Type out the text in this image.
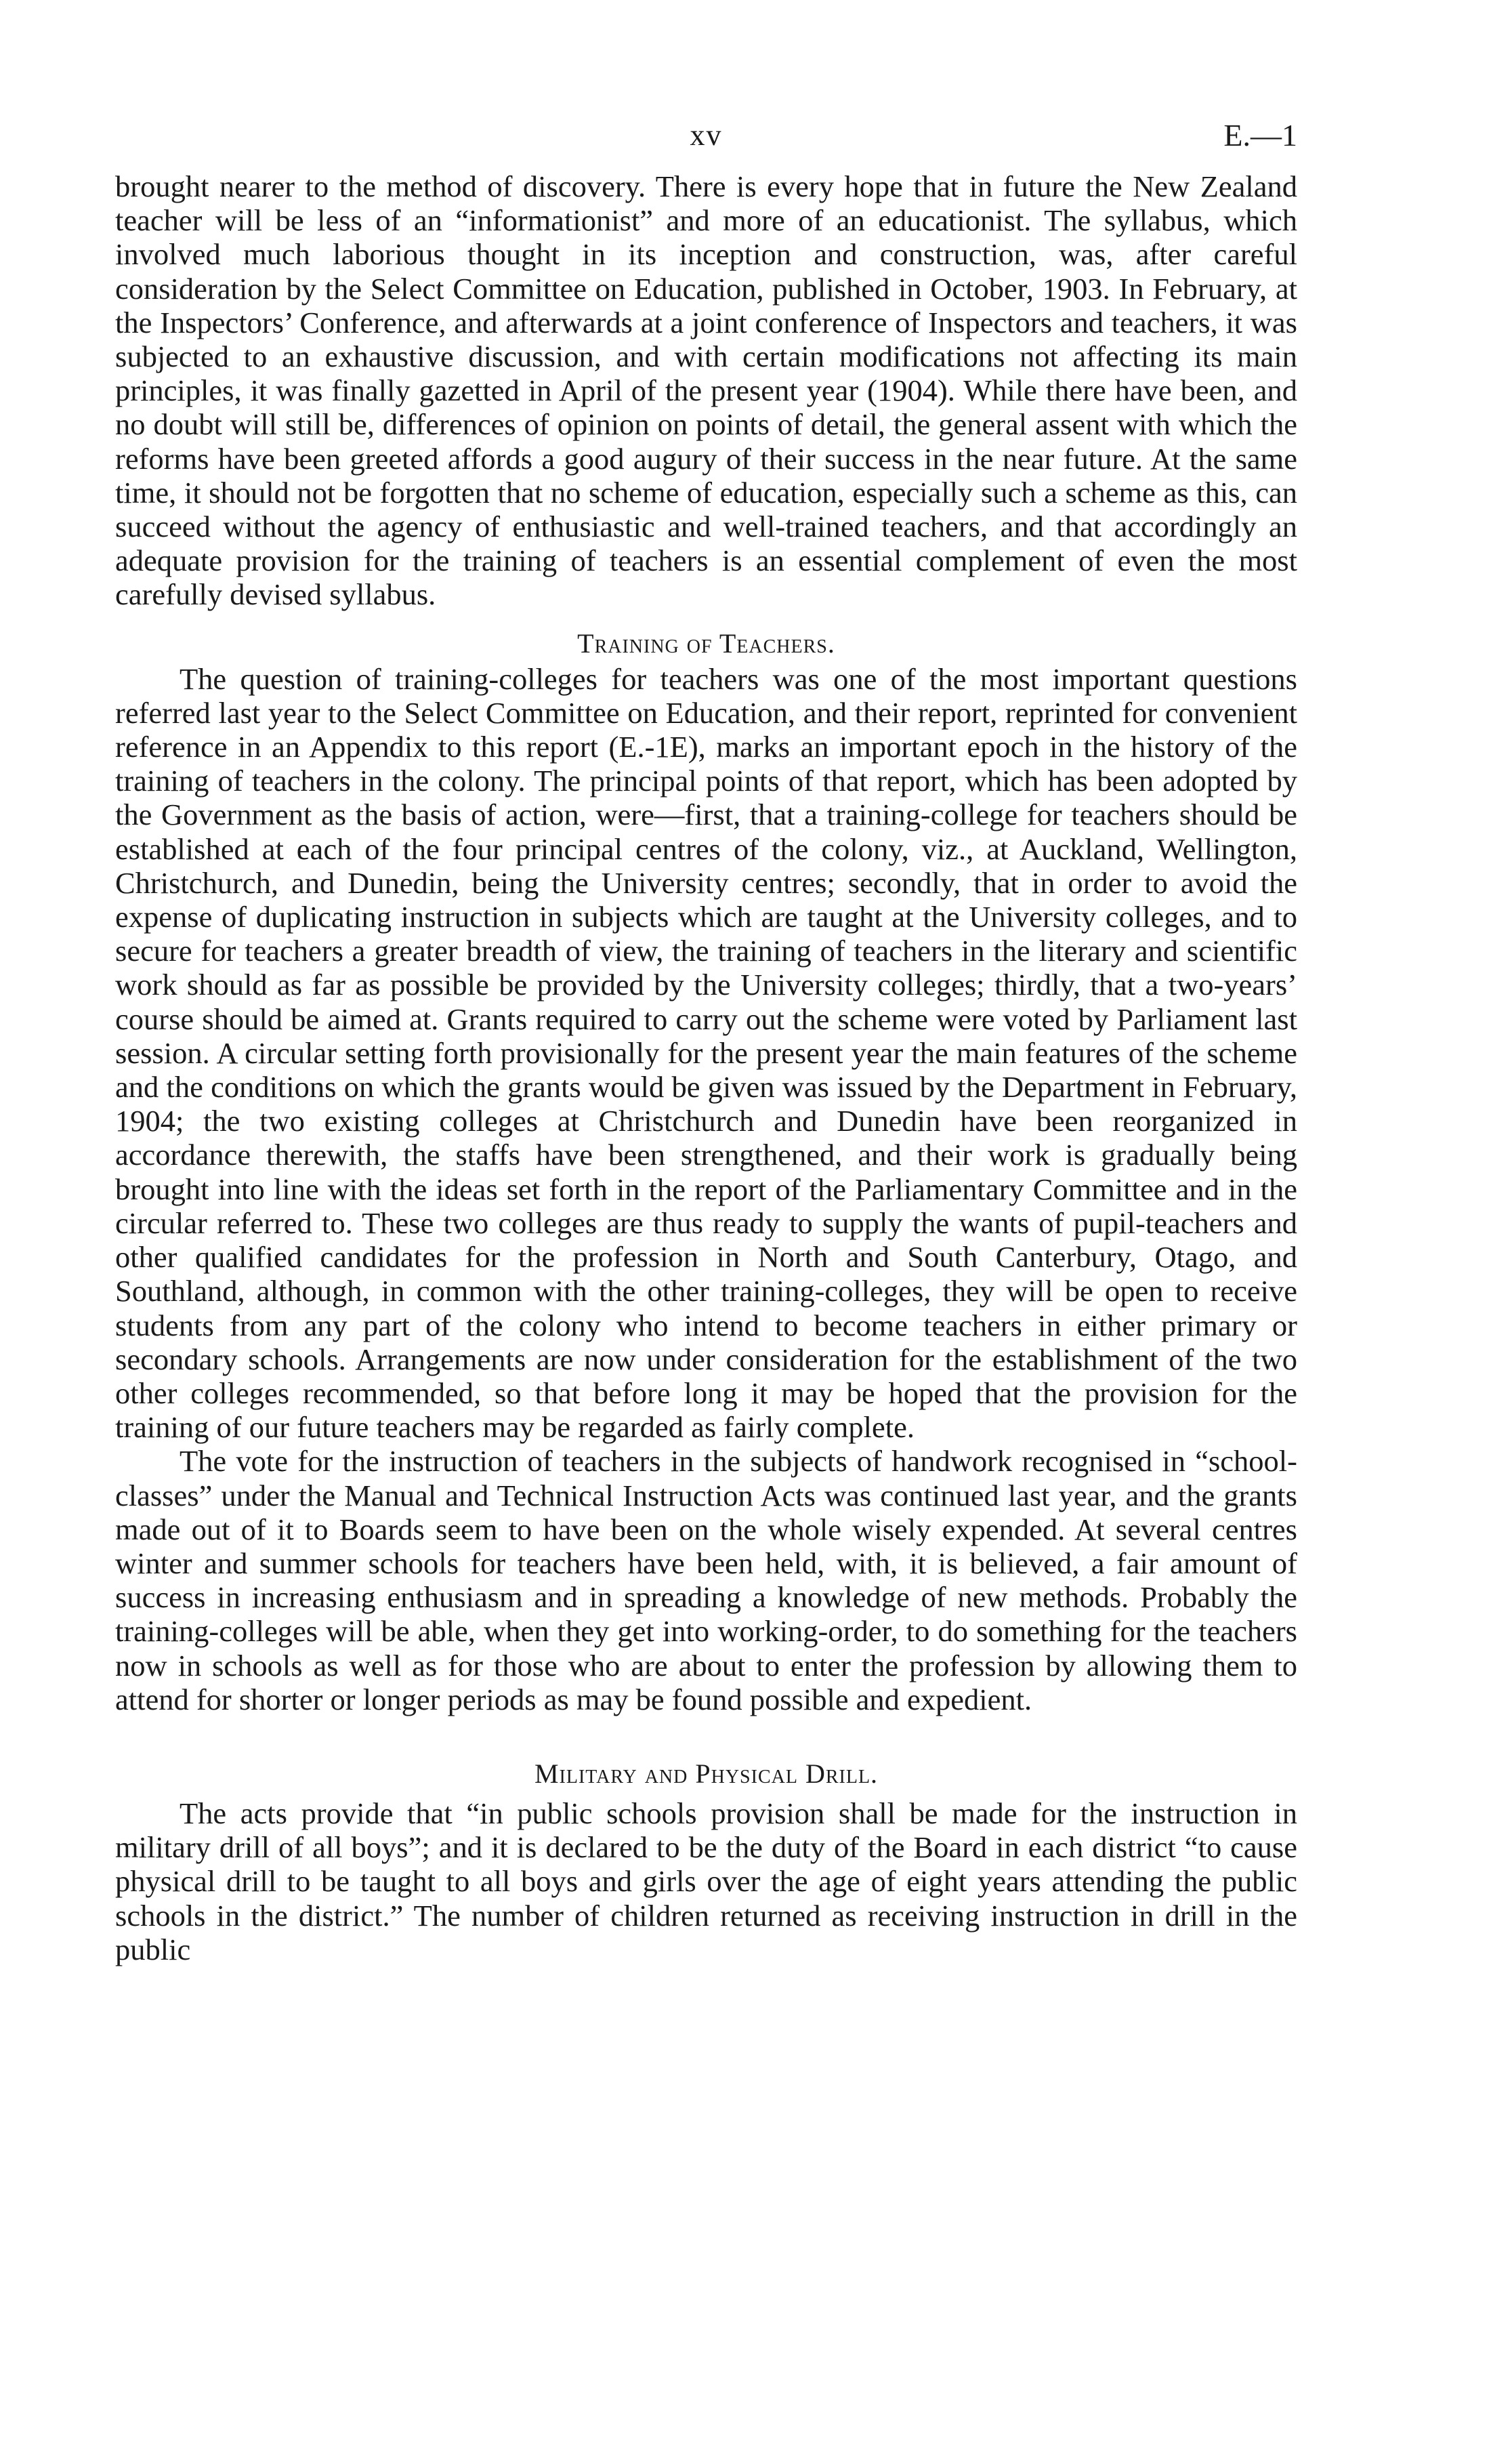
xv	E.—1

brought nearer to the method of discovery. There is every hope that in future the New Zealand teacher will be less of an “informationist” and more of an educationist. The syllabus, which involved much laborious thought in its inception and construction, was, after careful consideration by the Select Committee on Education, published in October, 1903. In February, at the Inspectors’ Conference, and afterwards at a joint conference of Inspectors and teachers, it was subjected to an exhaustive discussion, and with certain modifications not affecting its main principles, it was finally gazetted in April of the present year (1904). While there have been, and no doubt will still be, differences of opinion on points of detail, the general assent with which the reforms have been greeted affords a good augury of their success in the near future. At the same time, it should not be forgotten that no scheme of education, especially such a scheme as this, can succeed without the agency of enthusiastic and well-trained teachers, and that accordingly an adequate provision for the training of teachers is an essential complement of even the most carefully devised syllabus.

Training of Teachers.

The question of training-colleges for teachers was one of the most important questions referred last year to the Select Committee on Education, and their report, reprinted for convenient reference in an Appendix to this report (E.-1E), marks an important epoch in the history of the training of teachers in the colony. The principal points of that report, which has been adopted by the Government as the basis of action, were—first, that a training-college for teachers should be established at each of the four principal centres of the colony, viz., at Auckland, Wellington, Christchurch, and Dunedin, being the University centres; secondly, that in order to avoid the expense of duplicating instruction in subjects which are taught at the University colleges, and to secure for teachers a greater breadth of view, the training of teachers in the literary and scientific work should as far as possible be provided by the University colleges; thirdly, that a two-years’ course should be aimed at. Grants required to carry out the scheme were voted by Parliament last session. A circular setting forth provisionally for the present year the main features of the scheme and the conditions on which the grants would be given was issued by the Department in February, 1904; the two existing colleges at Christchurch and Dunedin have been reorganized in accordance therewith, the staffs have been strengthened, and their work is gradually being brought into line with the ideas set forth in the report of the Parliamentary Committee and in the circular referred to. These two colleges are thus ready to supply the wants of pupil-teachers and other qualified candidates for the profession in North and South Canterbury, Otago, and Southland, although, in common with the other training-colleges, they will be open to receive students from any part of the colony who intend to become teachers in either primary or secondary schools. Arrangements are now under consideration for the establishment of the two other colleges recommended, so that before long it may be hoped that the provision for the training of our future teachers may be regarded as fairly complete.

The vote for the instruction of teachers in the subjects of handwork recognised in “school-classes” under the Manual and Technical Instruction Acts was continued last year, and the grants made out of it to Boards seem to have been on the whole wisely expended. At several centres winter and summer schools for teachers have been held, with, it is believed, a fair amount of success in increasing enthusiasm and in spreading a knowledge of new methods. Probably the training-colleges will be able, when they get into working-order, to do something for the teachers now in schools as well as for those who are about to enter the profession by allowing them to attend for shorter or longer periods as may be found possible and expedient.

Military and Physical Drill.

The acts provide that “in public schools provision shall be made for the instruction in military drill of all boys”; and it is declared to be the duty of the Board in each district “to cause physical drill to be taught to all boys and girls over the age of eight years attending the public schools in the district.” The number of children returned as receiving instruction in drill in the public
